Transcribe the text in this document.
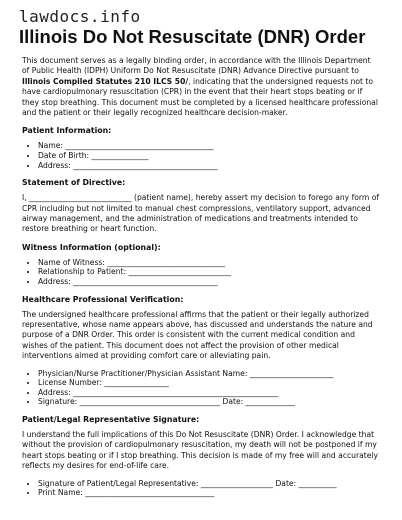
lawdocs.info
Illinois Do Not Resuscitate (DNR) Order

This document serves as a legally binding order, in accordance with the Illinois Department of Public Health (IDPH) Uniform Do Not Resuscitate (DNR) Advance Directive pursuant to Illinois Compiled Statutes 210 ILCS 50/, indicating that the undersigned requests not to have cardiopulmonary resuscitation (CPR) in the event that their heart stops beating or if they stop breathing. This document must be completed by a licensed healthcare professional and the patient or their legally recognized healthcare decision-maker.

Patient Information:
• Name: _______________________________________
• Date of Birth: _______________
• Address: ______________________________________
Statement of Directive:

I, ___________________________ (patient name), hereby assert my decision to forego any form of CPR including but not limited to manual chest compressions, ventilatory support, advanced airway management, and the administration of medications and treatments intended to restore breathing or heart function.

Witness Information (optional):
• Name of Witness: _______________________________
• Relationship to Patient: ___________________________
• Address: ______________________________________
Healthcare Professional Verification:

The undersigned healthcare professional affirms that the patient or their legally authorized representative, whose name appears above, has discussed and understands the nature and purpose of a DNR Order. This order is consistent with the current medical condition and wishes of the patient. This document does not affect the provision of other medical interventions aimed at providing comfort care or alleviating pain.

• Physician/Nurse Practitioner/Physician Assistant Name: ______________________
• License Number: _________________
• Address: ______________________________________________________
• Signature: _____________________________________ Date: _____________
Patient/Legal Representative Signature:

I understand the full implications of this Do Not Resuscitate (DNR) Order. I acknowledge that without the provision of cardiopulmonary resuscitation, my death will not be postponed if my heart stops beating or if I stop breathing. This decision is made of my free will and accurately reflects my desires for end-of-life care.

• Signature of Patient/Legal Representative: ___________________ Date: __________
• Print Name: __________________________________
